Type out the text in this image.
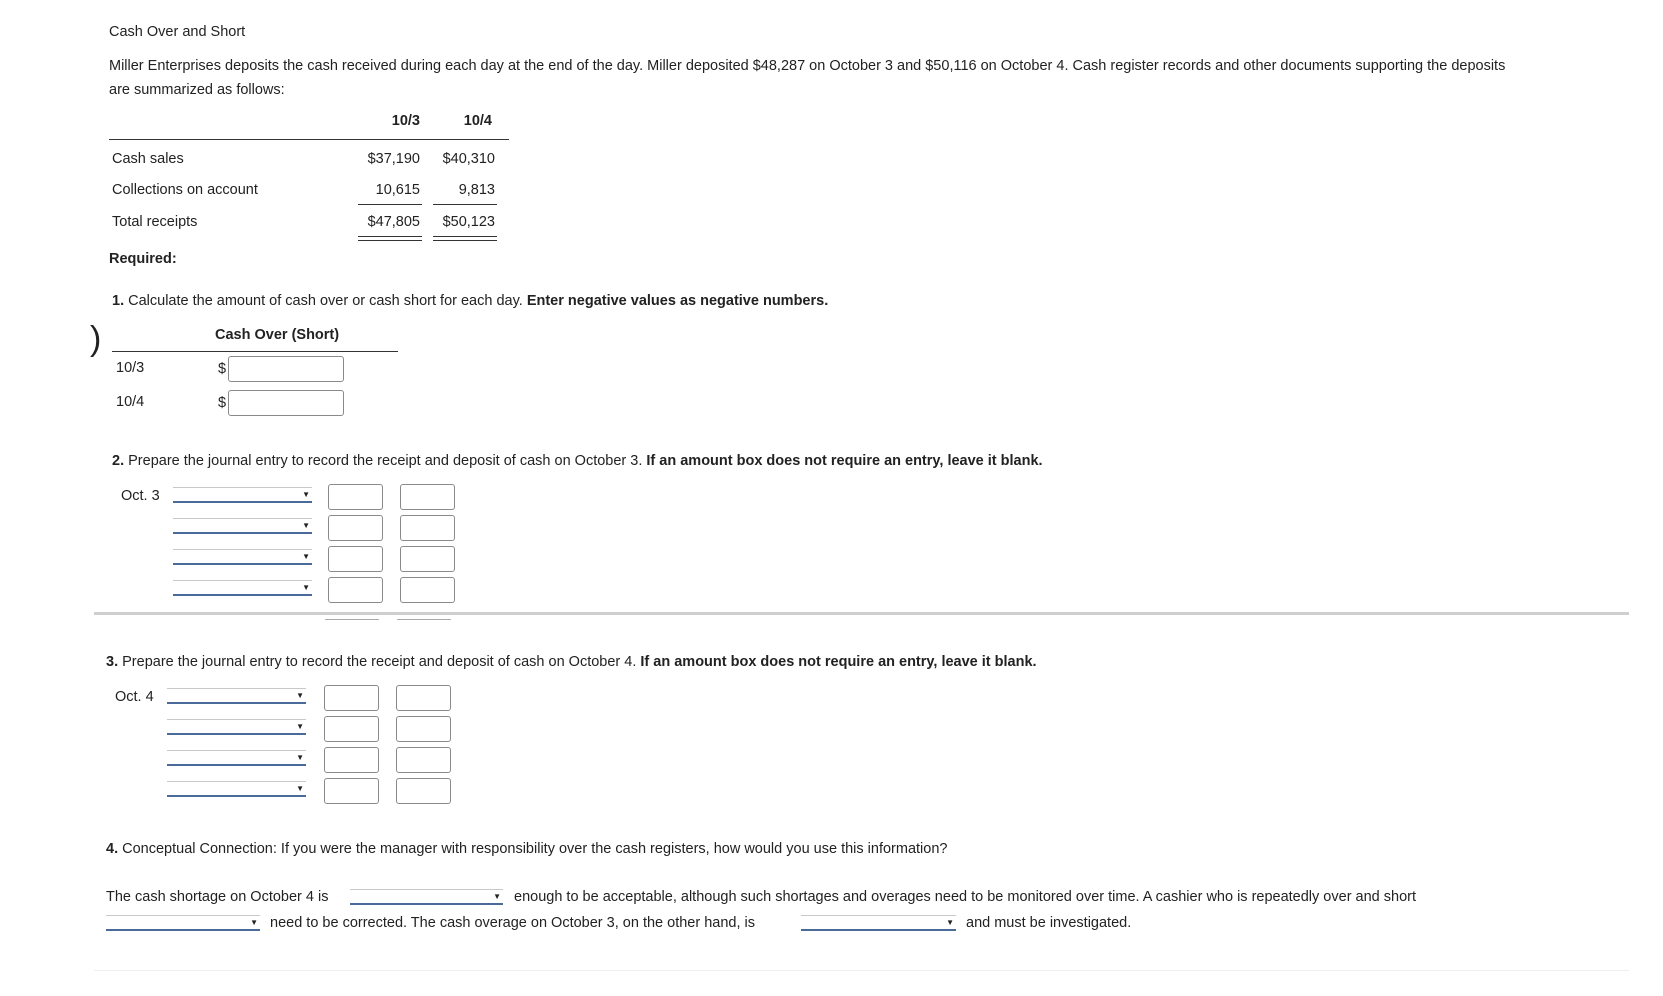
Cash Over and Short
Miller Enterprises deposits the cash received during each day at the end of the day. Miller deposited $48,287 on October 3 and $50,116 on October 4. Cash register records and other documents supporting the deposits
are summarized as follows:
10/3	10/4
Cash sales	$37,190	$40,310
Collections on account	10,615	9,813
Total receipts	$47,805	$50,123
Required:
1. Calculate the amount of cash over or cash short for each day. Enter negative values as negative numbers.
)	Cash Over (Short)
10/3	$
10/4	$
2. Prepare the journal entry to record the receipt and deposit of cash on October 3. If an amount box does not require an entry, leave it blank.
Oct. 3	▼
▼
▼
▼
3. Prepare the journal entry to record the receipt and deposit of cash on October 4. If an amount box does not require an entry, leave it blank.
Oct. 4	▼
▼
▼
▼
4. Conceptual Connection: If you were the manager with responsibility over the cash registers, how would you use this information?
The cash shortage on October 4 is	▼ enough to be acceptable, although such shortages and overages need to be monitored over time. A cashier who is repeatedly over and short
▼ need to be corrected. The cash overage on October 3, on the other hand, is	▼ and must be investigated.
